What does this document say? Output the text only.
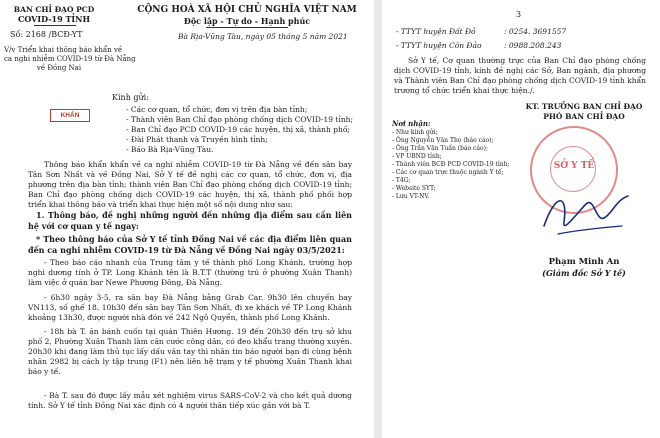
BAN CHỈ ĐẠO PCD
COVID-19 TỈNH
Số: 2168 /BCĐ-YT
CỘNG HOÀ XÃ HỘI CHỦ NGHĨA VIỆT NAM
Độc lập - Tự do - Hạnh phúc
Bà Rịa-Vũng Tàu, ngày 05 tháng 5 năm 2021
V/v Triển khai thông báo khẩn về
ca nghi nhiễm COVID-19 từ Đà Nẵng
về Đồng Nai
Kính gửi:
KHẨN
- Các cơ quan, tổ chức, đơn vị trên địa bàn tỉnh;
- Thành viên Ban Chỉ đạo phòng chống dịch COVID-19 tỉnh;
- Ban Chỉ đạo PCD COVID-19 các huyện, thị xã, thành phố;
- Đài Phát thanh và Truyền hình tỉnh;
- Báo Bà Rịa-Vũng Tàu.
Thông báo khẩn khẩn về ca nghi nhiễm COVID-19 từ Đà Nẵng về đến sân bay Tân Sơn Nhất và về Đồng Nai, Sở Y tế đề nghị các cơ quan, tổ chức, đơn vị, địa phương trên địa bàn tỉnh; thành viên Ban Chỉ đạo phòng chống dịch COVID-19 tỉnh; Ban Chỉ đạo phòng chống dịch COVID-19 các huyện, thị xã, thành phố phối hợp triển khai thông báo và triển khai thực hiện một số nội dung như sau:
1. Thông báo, đề nghị những người đến những địa điểm sau cần liên hệ với cơ quan y tế ngay:
* Theo thông báo của Sở Y tế tỉnh Đồng Nai về các địa điểm liên quan đến ca nghi nhiễm COVID-19 từ Đà Nẵng về Đồng Nai ngày 03/5/2021:
- Theo báo cáo nhanh của Trung tâm y tế thành phố Long Khánh, trường hợp nghi dương tính ở TP. Long Khánh tên là B.T.T (thường trú ở phường Xuân Thanh) làm việc ở quán bar Newe Phương Đông, Đà Nẵng.
- 6h30 ngày 3-5, ra sân bay Đà Nẵng bằng Grab Car. 9h30 lên chuyến bay VN113, số ghế 18. 10h30 đến sân bay Tân Sơn Nhất, đi xe khách về TP Long Khánh khoảng 13h30, được người nhà đón về 242 Ngô Quyền, thành phố Long Khánh.
- 18h bà T. ăn bánh cuốn tại quán Thiên Hương. 19 đến 20h30 đến trụ sở khu phố 2, Phường Xuân Thanh làm căn cước công dân, có đeo khẩu trang thường xuyên. 20h30 khi đang làm thủ tục lấy dấu vân tay thì nhân tin báo người bạn đi cùng bệnh nhân 2982 bị cách ly tập trung (F1) nên liên hệ trạm y tế phường Xuân Thanh khai báo y tế.
- Bà T. sau đó được lấy mẫu xét nghiệm virus SARS-CoV-2 và cho kết quả dương tính. Sở Y tế tỉnh Đồng Nai xác định có 4 người thân tiếp xúc gần với bà T.
3
- TTYT huyện Đất Đỏ	: 0254. 3691557
- TTYT huyện Côn Đảo	: 0988.208.243
Sở Y tế, Cơ quan thường trực của Ban Chỉ đạo phòng chống dịch COVID-19 tỉnh, kính đề nghị các Sở, Ban ngành, địa phương và Thành viên Ban Chỉ đạo phòng chống dịch COVID-19 tỉnh khẩn trương tổ chức triển khai thực hiện./.
KT. TRƯỞNG BAN CHỈ ĐẠO
PHÓ BAN CHỈ ĐẠO
Nơi nhận:
- Như kính gửi;
- Ông Nguyễn Văn Thọ (báo cáo);
- Ông Trần Văn Tuấn (báo cáo);
- VP UBND tỉnh;
- Thành viên BCĐ PCD COVID-19 tỉnh;
- Các cơ quan trực thuộc ngành Y tế;
- T4G;
- Website SYT;
- Lưu VT-NV.
SỞ Y TẾ
Phạm Minh An
(Giám đốc Sở Y tế)
